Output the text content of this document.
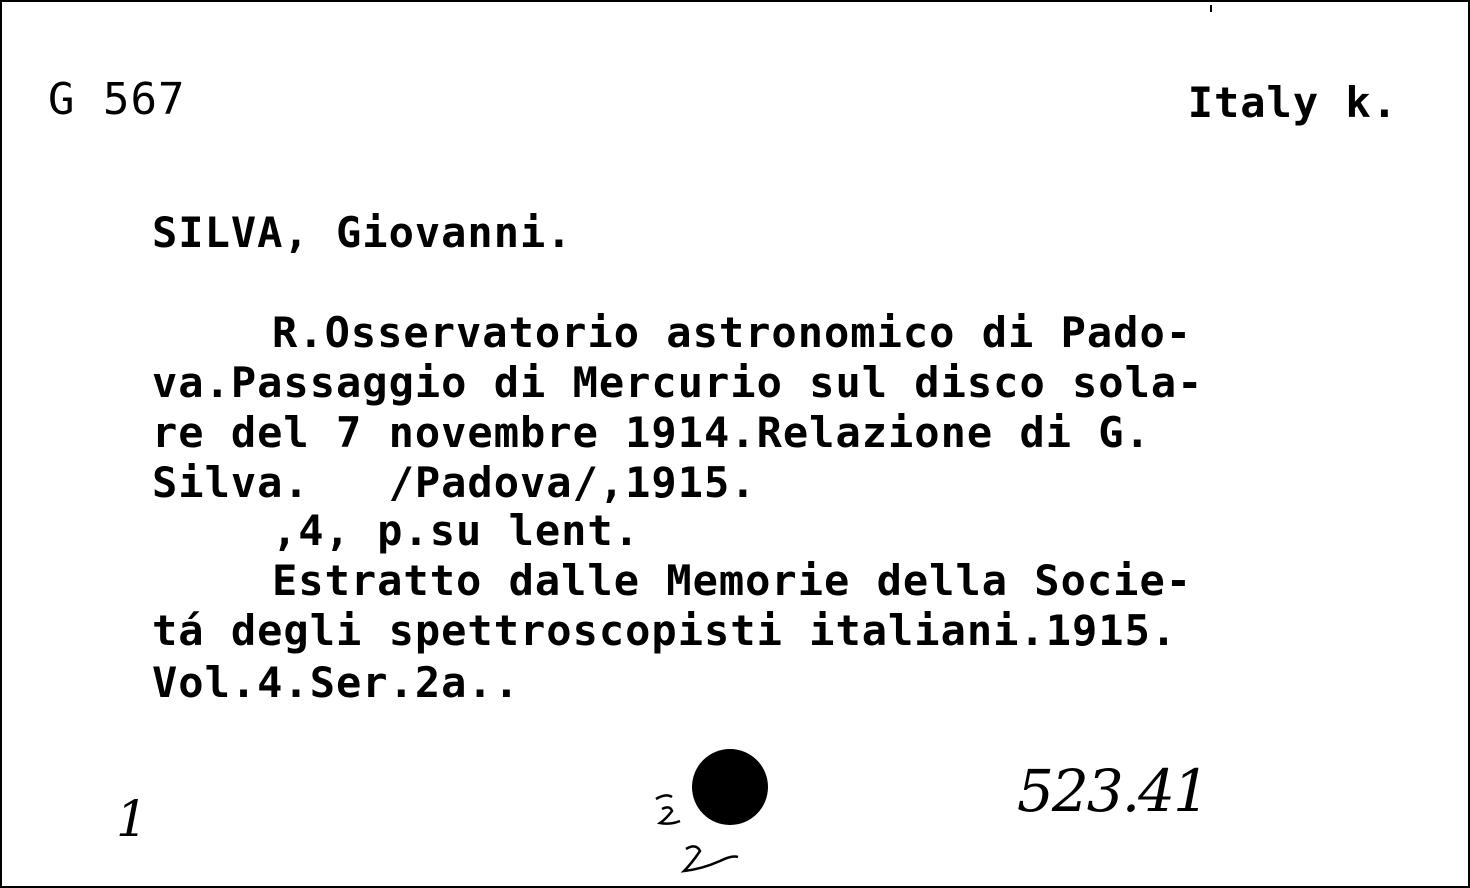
G 567	Italy k.
SILVA, Giovanni.
R.Osservatorio astronomico di Pado-
va.Passaggio di Mercurio sul disco sola-
re del 7 novembre 1914.Relazione di G.
Silva.   /Padova/,1915.
,4, p.su lent.
Estratto dalle Memorie della Socie-
tá degli spettroscopisti italiani.1915.
Vol.4.Ser.2a..
1	523.41
